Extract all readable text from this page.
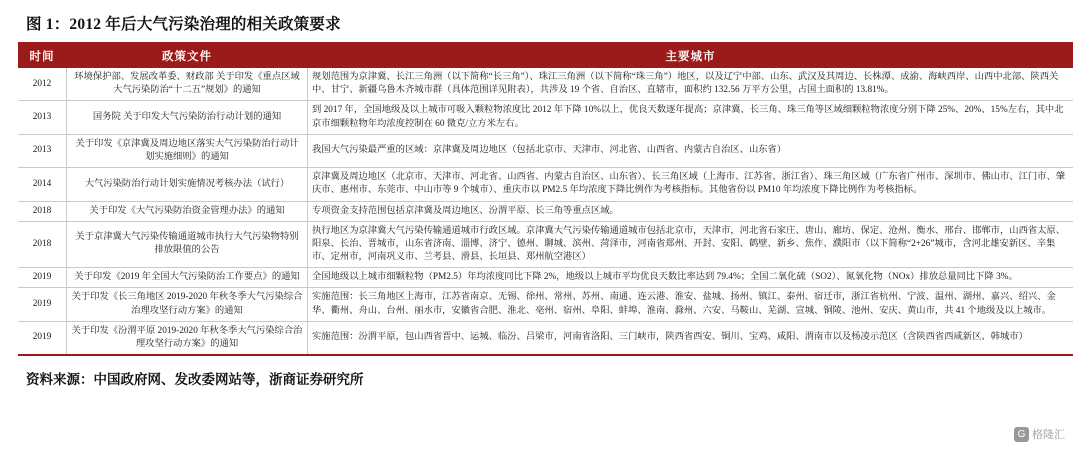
图 1：2012 年后大气污染治理的相关政策要求
时间	政策文件	主要城市
2012	环境保护部、发展改革委、财政部 关于印发《重点区域大气污染防治“十二五”规划》的通知	规划范围为京津冀、长江三角洲（以下简称“长三角”）、珠江三角洲（以下简称“珠三角”）地区，以及辽宁中部、山东、武汉及其周边、长株潭、成渝、海峡西岸、山西中北部、陕西关中、甘宁、新疆乌鲁木齐城市群（具体范围详见附表），共涉及 19 个省、自治区、直辖市，面积约 132.56 万平方公里，占国土面积的 13.81%。
2013	国务院 关于印发大气污染防治行动计划的通知	到 2017 年，全国地级及以上城市可吸入颗粒物浓度比 2012 年下降 10%以上，优良天数逐年提高；京津冀、长三角、珠三角等区域细颗粒物浓度分别下降 25%、20%、15%左右，其中北京市细颗粒物年均浓度控制在 60 微克/立方米左右。
2013	关于印发《京津冀及周边地区落实大气污染防治行动计划实施细则》的通知	我国大气污染最严重的区域：京津冀及周边地区（包括北京市、天津市、河北省、山西省、内蒙古自治区、山东省）
2014	大气污染防治行动计划实施情况考核办法（试行）	京津冀及周边地区（北京市、天津市、河北省、山西省、内蒙古自治区、山东省）、长三角区域（上海市、江苏省、浙江省）、珠三角区域（广东省广州市、深圳市、佛山市、江门市、肇庆市、惠州市、东莞市、中山市等 9 个城市）、重庆市以 PM2.5 年均浓度下降比例作为考核指标。其他省份以 PM10 年均浓度下降比例作为考核指标。
2018	关于印发《大气污染防治资金管理办法》的通知	专项资金支持范围包括京津冀及周边地区、汾渭平原、长三角等重点区域。
2018	关于京津冀大气污染传输通道城市执行大气污染物特别排放限值的公告	执行地区为京津冀大气污染传输通道城市行政区域。京津冀大气污染传输通道城市包括北京市，天津市，河北省石家庄、唐山、廊坊、保定、沧州、衡水、邢台、邯郸市，山西省太原、阳泉、长治、晋城市，山东省济南、淄博、济宁、德州、聊城、滨州、菏泽市，河南省郑州、开封、安阳、鹤壁、新乡、焦作、濮阳市（以下简称“2+26”城市，含河北雄安新区、辛集市、定州市，河南巩义市、兰考县、滑县、长垣县、郑州航空港区）
2019	关于印发《2019 年全国大气污染防治工作要点》的通知	全国地级以上城市细颗粒物（PM2.5）年均浓度同比下降 2%，地级以上城市平均优良天数比率达到 79.4%；全国二氧化硫（SO2）、氮氧化物（NOx）排放总量同比下降 3%。
2019	关于印发《长三角地区 2019-2020 年秋冬季大气污染综合治理攻坚行动方案》的通知	实施范围：长三角地区上海市，江苏省南京、无锡、徐州、常州、苏州、南通、连云港、淮安、盐城、扬州、镇江、泰州、宿迁市，浙江省杭州、宁波、温州、湖州、嘉兴、绍兴、金华、衢州、舟山、台州、丽水市，安徽省合肥、淮北、亳州、宿州、阜阳、蚌埠、淮南、滁州、六安、马鞍山、芜湖、宣城、铜陵、池州、安庆、黄山市，共 41 个地级及以上城市。
2019	关于印发《汾渭平原 2019-2020 年秋冬季大气污染综合治理攻坚行动方案》的通知	实施范围：汾渭平原，包山西省晋中、运城、临汾、吕梁市，河南省洛阳、三门峡市，陕西省西安、铜川、宝鸡、咸阳、渭南市以及杨凌示范区（含陕西省西咸新区、韩城市）
资料来源：中国政府网、发改委网站等，浙商证券研究所
G 格隆汇
